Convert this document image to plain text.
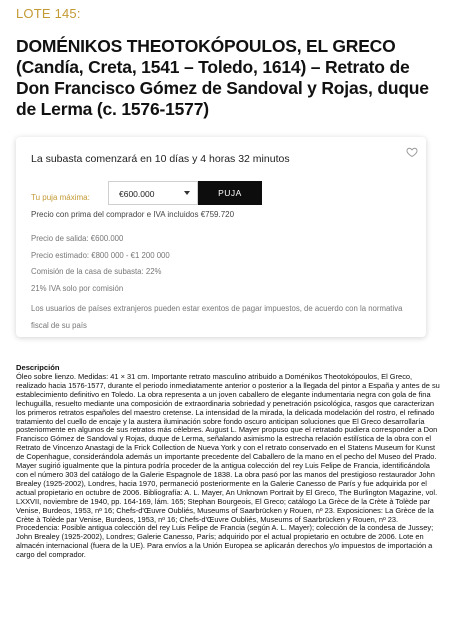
LOTE 145:
DOMÉNIKOS THEOTOKÓPOULOS, EL GRECO (Candía, Creta, 1541 – Toledo, 1614) – Retrato de Don Francisco Gómez de Sandoval y Rojas, duque de Lerma (c. 1576-1577)
La subasta comenzará en 10 días y 4 horas 32 minutos
Tu puja máxima:	€600.000	PUJA
Precio con prima del comprador e IVA incluidos €759.720
Precio de salida: €600.000
Precio estimado: €800 000 - €1 200 000
Comisión de la casa de subasta: 22%
21% IVA solo por comisión
Los usuarios de países extranjeros pueden estar exentos de pagar impuestos, de acuerdo con la normativa fiscal de su país
Descripción

Óleo sobre lienzo. Medidas: 41 × 31 cm. Importante retrato masculino atribuido a Doménikos Theotokópoulos, El Greco, realizado hacia 1576-1577, durante el periodo inmediatamente anterior o posterior a la llegada del pintor a España y antes de su establecimiento definitivo en Toledo. La obra representa a un joven caballero de elegante indumentaria negra con gola de fina lechuguilla, resuelto mediante una composición de extraordinaria sobriedad y penetración psicológica, rasgos que caracterizan los primeros retratos españoles del maestro cretense. La intensidad de la mirada, la delicada modelación del rostro, el refinado tratamiento del cuello de encaje y la austera iluminación sobre fondo oscuro anticipan soluciones que El Greco desarrollaría posteriormente en algunos de sus retratos más célebres. August L. Mayer propuso que el retratado pudiera corresponder a Don Francisco Gómez de Sandoval y Rojas, duque de Lerma, señalando asimismo la estrecha relación estilística de la obra con el Retrato de Vincenzo Anastagi de la Frick Collection de Nueva York y con el retrato conservado en el Statens Museum for Kunst de Copenhague, considerándola además un importante precedente del Caballero de la mano en el pecho del Museo del Prado. Mayer sugirió igualmente que la pintura podría proceder de la antigua colección del rey Luis Felipe de Francia, identificándola con el número 303 del catálogo de la Galerie Espagnole de 1838. La obra pasó por las manos del prestigioso restaurador John Brealey (1925-2002), Londres, hacia 1970, permaneció posteriormente en la Galerie Canesso de París y fue adquirida por el actual propietario en octubre de 2006. Bibliografía: A. L. Mayer, An Unknown Portrait by El Greco, The Burlington Magazine, vol. LXXVII, noviembre de 1940, pp. 164-169, lám. 165; Stephan Bourgeois, El Greco; catálogo La Grèce de la Crète à Tolède par Venise, Burdeos, 1953, nº 16; Chefs-d'Œuvre Oubliés, Museums of Saarbrücken y Rouen, nº 23. Exposiciones: La Grèce de la Crète à Tolède par Venise, Burdeos, 1953, nº 16; Chefs-d'Œuvre Oubliés, Museums of Saarbrücken y Rouen, nº 23. Procedencia: Posible antigua colección del rey Luis Felipe de Francia (según A. L. Mayer); colección de la condesa de Jussey; John Brealey (1925-2002), Londres; Galerie Canesso, París; adquirido por el actual propietario en octubre de 2006. Lote en almacén internacional (fuera de la UE). Para envíos a la Unión Europea se aplicarán derechos y/o impuestos de importación a cargo del comprador.
